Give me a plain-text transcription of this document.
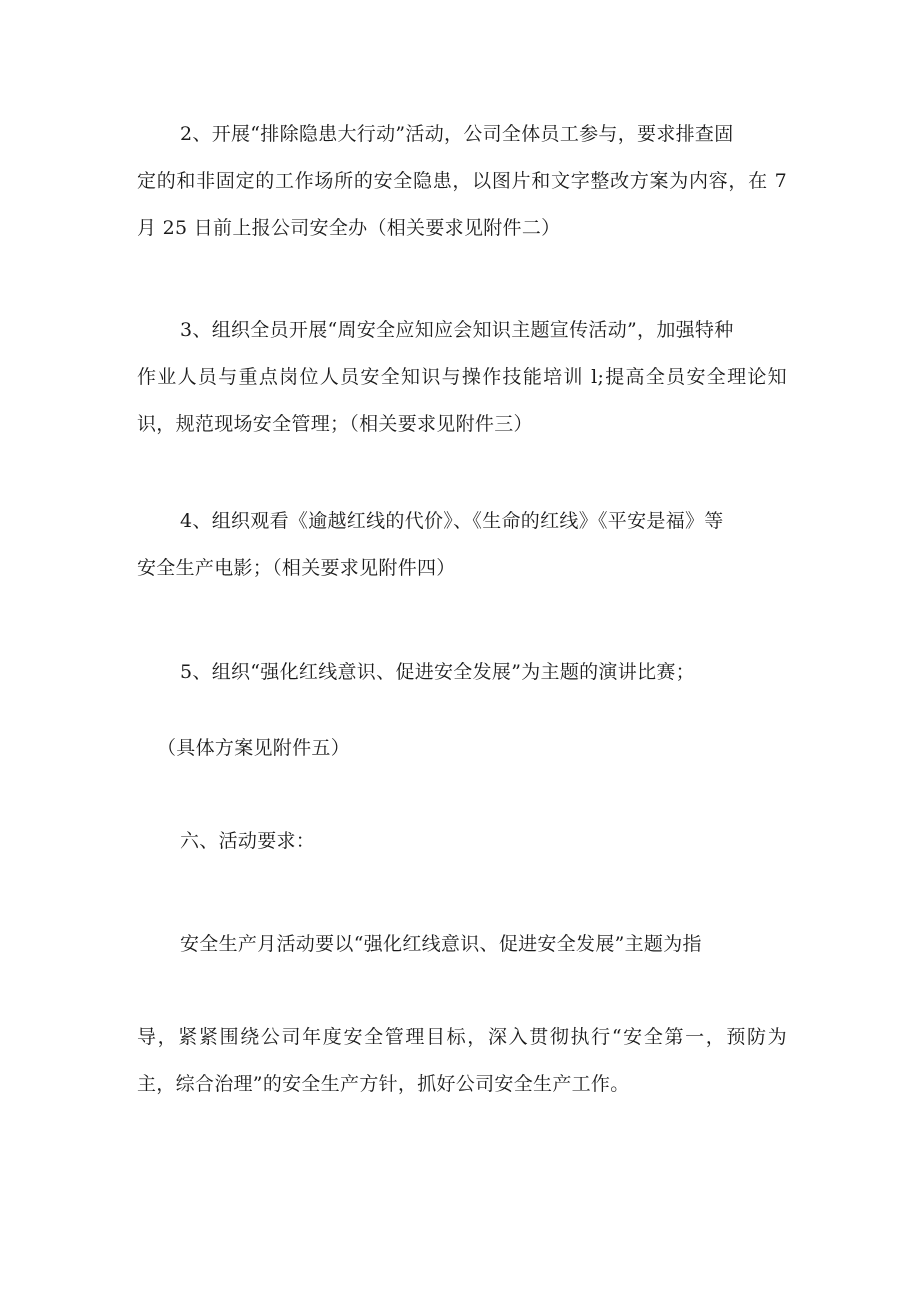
2、开展“排除隐患大行动”活动，公司全体员工参与，要求排查固
定的和非固定的工作场所的安全隐患，以图片和文字整改方案为内容，在 7
月 25 日前上报公司安全办（相关要求见附件二）
3、组织全员开展“周安全应知应会知识主题宣传活动”，加强特种
作业人员与重点岗位人员安全知识与操作技能培训 l;提高全员安全理论知
识，规范现场安全管理；（相关要求见附件三）
4、组织观看《逾越红线的代价》、《生命的红线》《平安是福》等
安全生产电影；（相关要求见附件四）
5、组织“强化红线意识、促进安全发展”为主题的演讲比赛；
（具体方案见附件五）
六、活动要求：
安全生产月活动要以“强化红线意识、促进安全发展”主题为指
导，紧紧围绕公司年度安全管理目标，深入贯彻执行“安全第一，预防为
主，综合治理”的安全生产方针，抓好公司安全生产工作。
